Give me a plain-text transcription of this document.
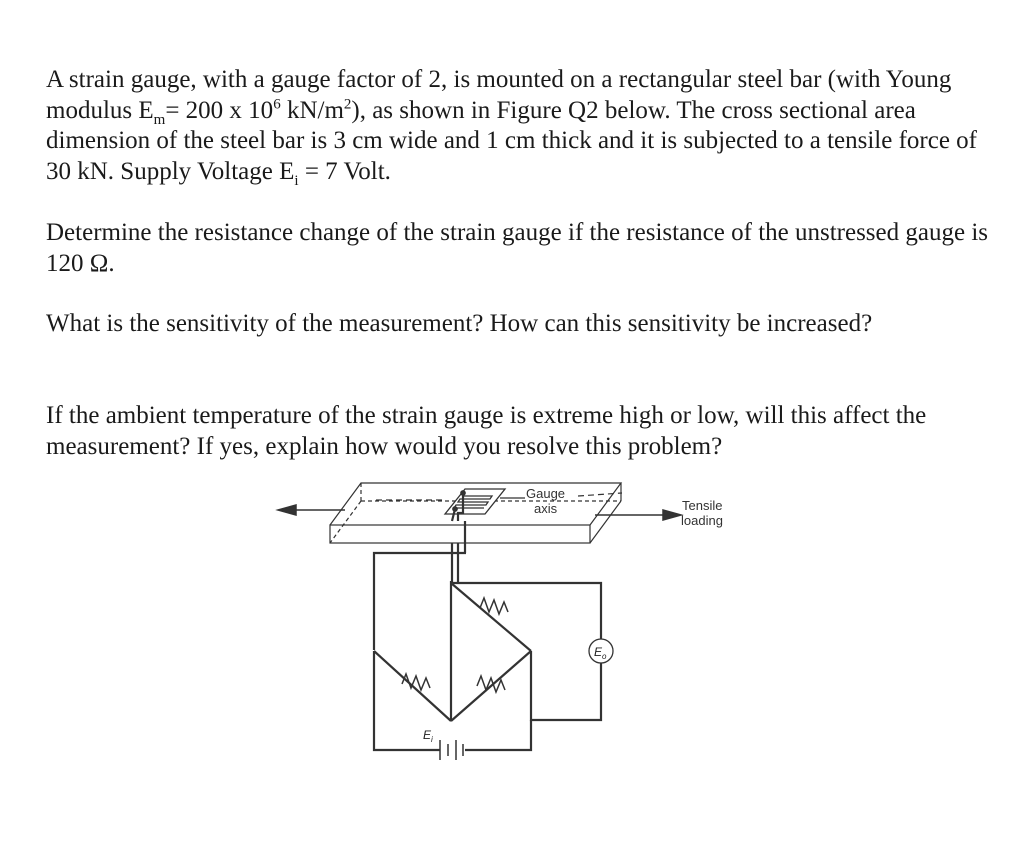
A strain gauge, with a gauge factor of 2, is mounted on a rectangular steel bar (with Young modulus $E_m= 200$ x $10^6$ $kN/m^2$), as shown in Figure Q2 below. The cross sectional area dimension of the steel bar is 3 cm wide and 1 cm thick and it is subjected to a tensile force of 30 kN. Supply Voltage $E_i = 7$ Volt.

Determine the resistance change of the strain gauge if the resistance of the unstressed gauge is 120 Ω.

What is the sensitivity of the measurement? How can this sensitivity be increased?

If the ambient temperature of the strain gauge is extreme high or low, will this affect the measurement? If yes, explain how would you resolve this problem?

$E_o$
$E_i$
Gauge
axis	Tensile
loading
